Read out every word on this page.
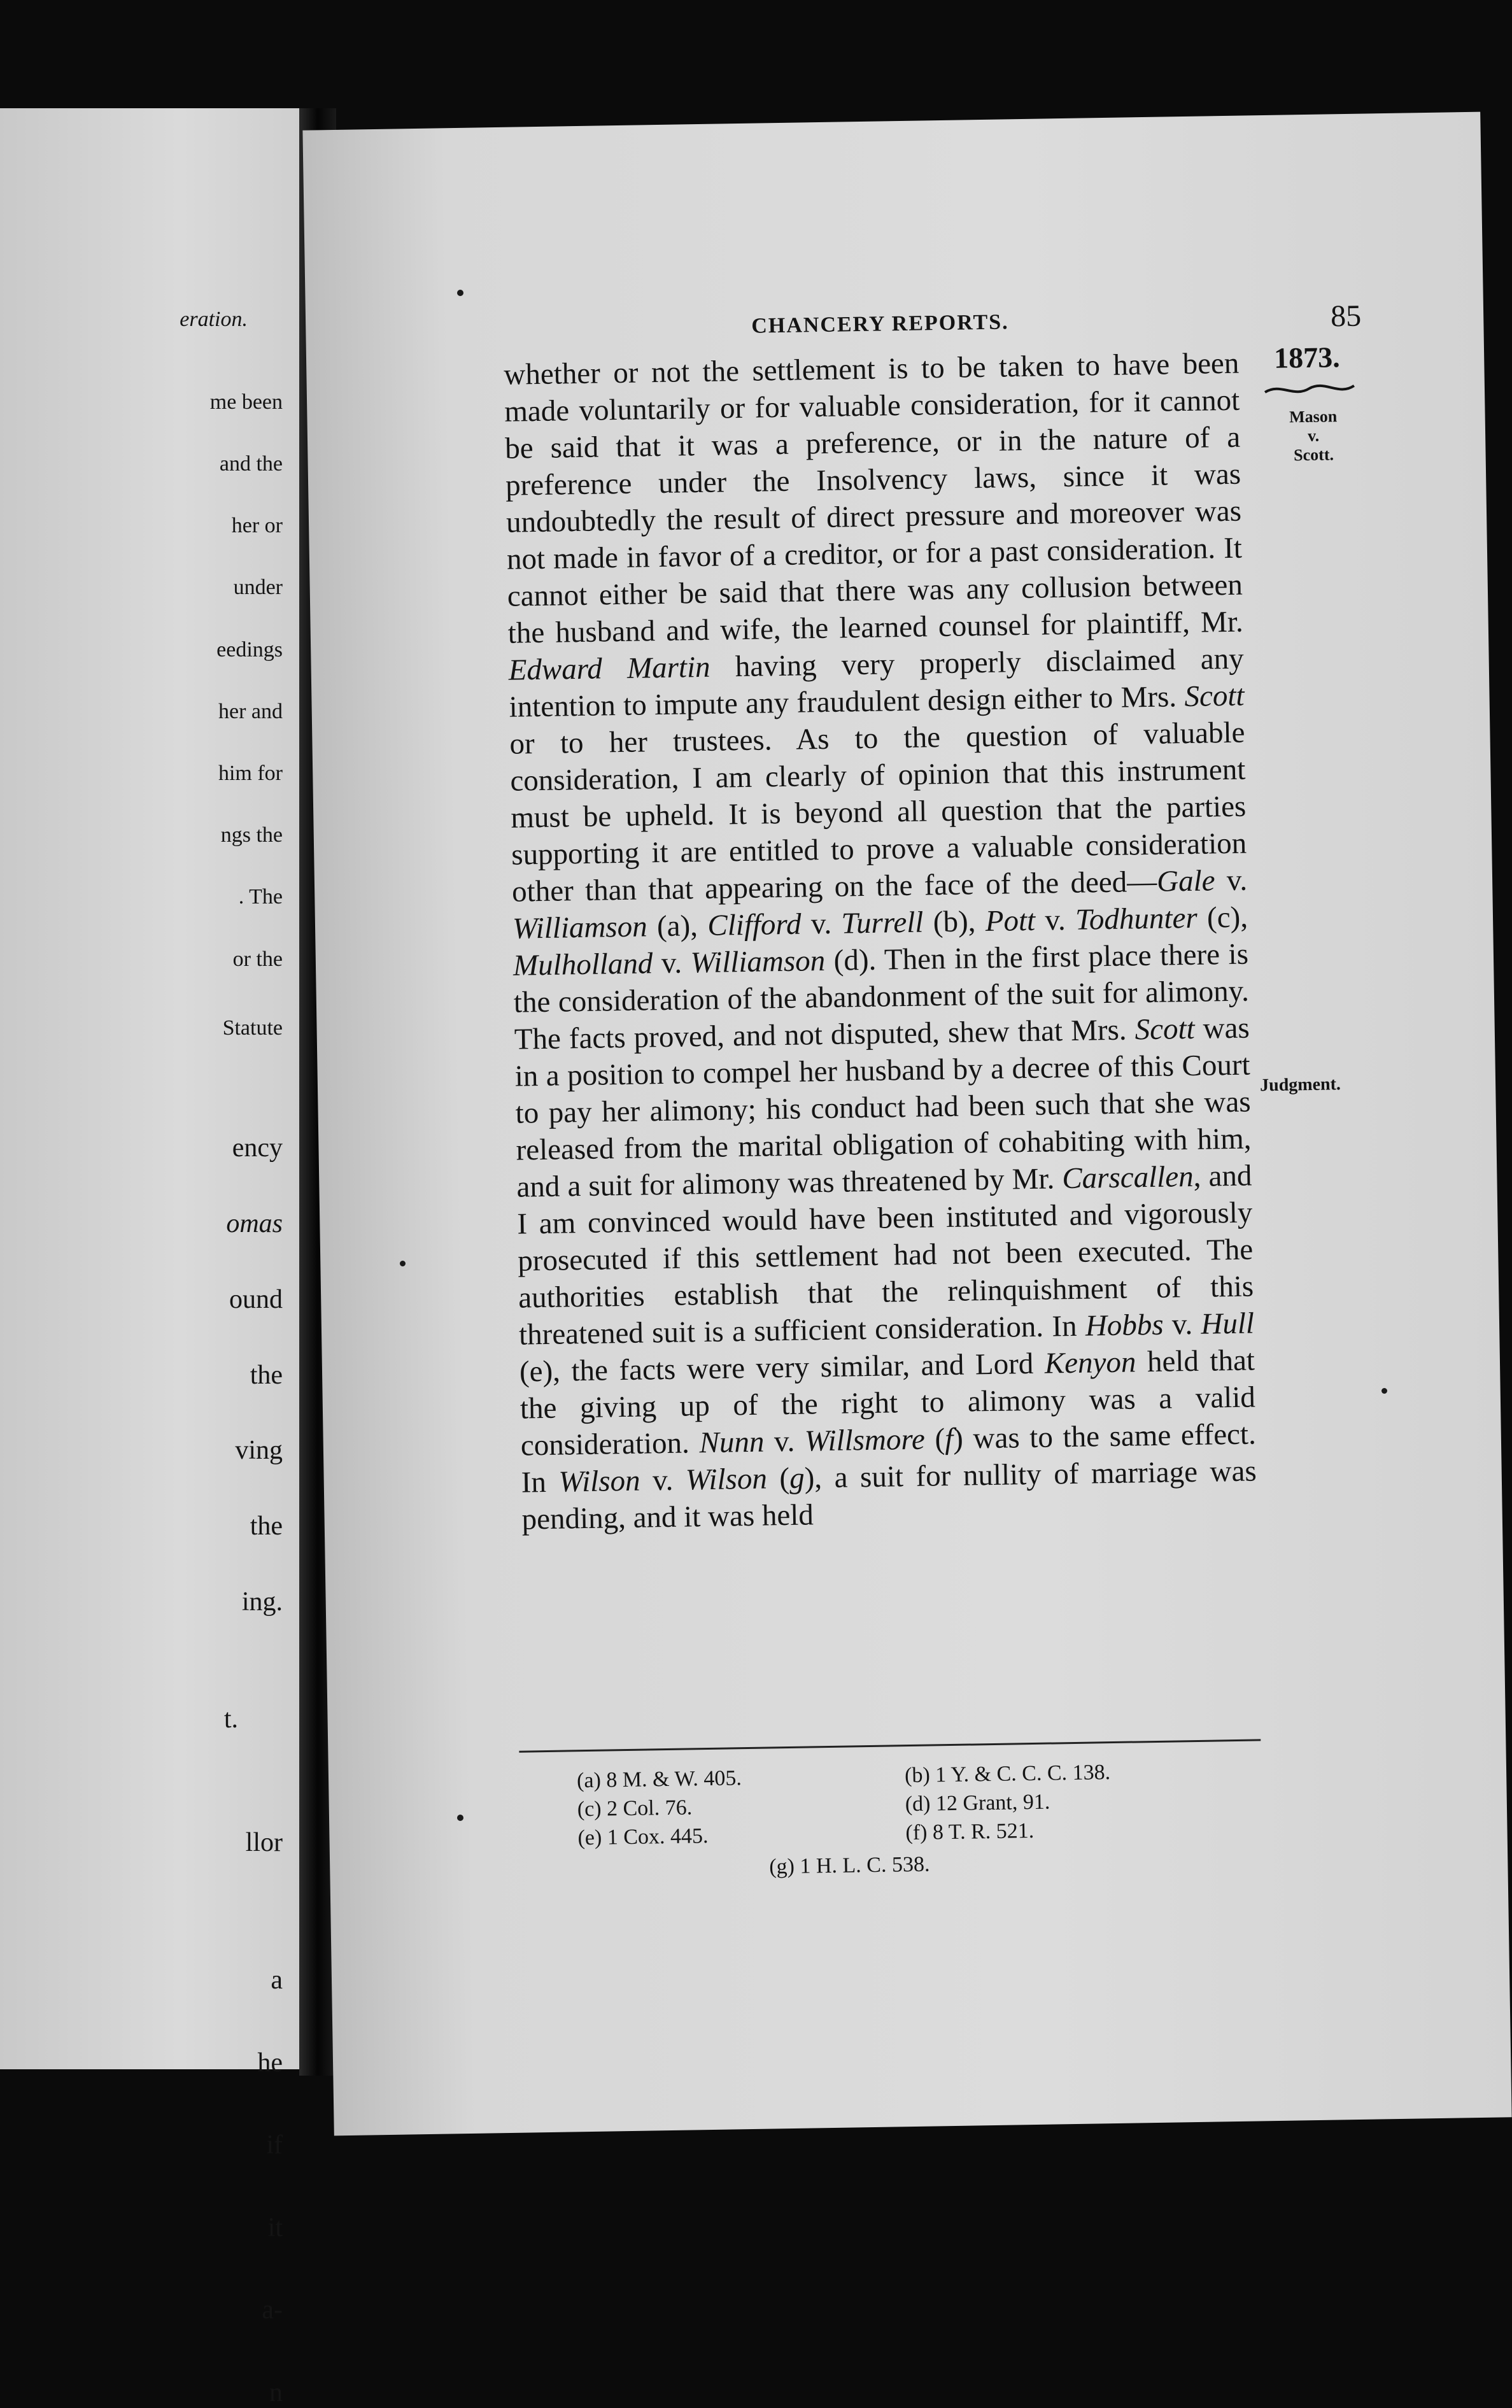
eration.
me been
and the
her or
under
eedings
her and
him for
ngs the
. The
or the
Statute
ency
omas
ound
the
ving
the
ing.
t.
llor
a
he
if
it
a-
n
CHANCERY REPORTS.	85
1873.
Mason
v.
Scott.
Judgment.
whether or not the settlement is to be taken to have been made voluntarily or for valuable consideration, for it cannot be said that it was a preference, or in the nature of a preference under the Insolvency laws, since it was undoubtedly the result of direct pressure and moreover was not made in favor of a creditor, or for a past consideration. It cannot either be said that there was any collusion between the husband and wife, the learned counsel for plaintiff, Mr. Edward Martin having very properly disclaimed any intention to impute any fraudulent design either to Mrs. Scott or to her trustees. As to the question of valuable consideration, I am clearly of opinion that this instrument must be upheld. It is beyond all question that the parties supporting it are entitled to prove a valuable consideration other than that appearing on the face of the deed—Gale v. Williamson (a), Clifford v. Turrell (b), Pott v. Todhunter (c), Mulholland v. Williamson (d). Then in the first place there is the consideration of the abandonment of the suit for alimony. The facts proved, and not disputed, shew that Mrs. Scott was in a position to compel her husband by a decree of this Court to pay her alimony; his conduct had been such that she was released from the marital obligation of cohabiting with him, and a suit for alimony was threatened by Mr. Carscallen, and I am convinced would have been instituted and vigorously prosecuted if this settlement had not been executed. The authorities establish that the relinquishment of this threatened suit is a sufficient consideration. In Hobbs v. Hull (e), the facts were very similar, and Lord Kenyon held that the giving up of the right to alimony was a valid consideration. Nunn v. Willsmore (f) was to the same effect. In Wilson v. Wilson (g), a suit for nullity of marriage was pending, and it was held
(a) 8 M. & W. 405.	(b) 1 Y. & C. C. C. 138.
(c) 2 Col. 76.	(d) 12 Grant, 91.
(e) 1 Cox. 445.	(f) 8 T. R. 521.
(g) 1 H. L. C. 538.
